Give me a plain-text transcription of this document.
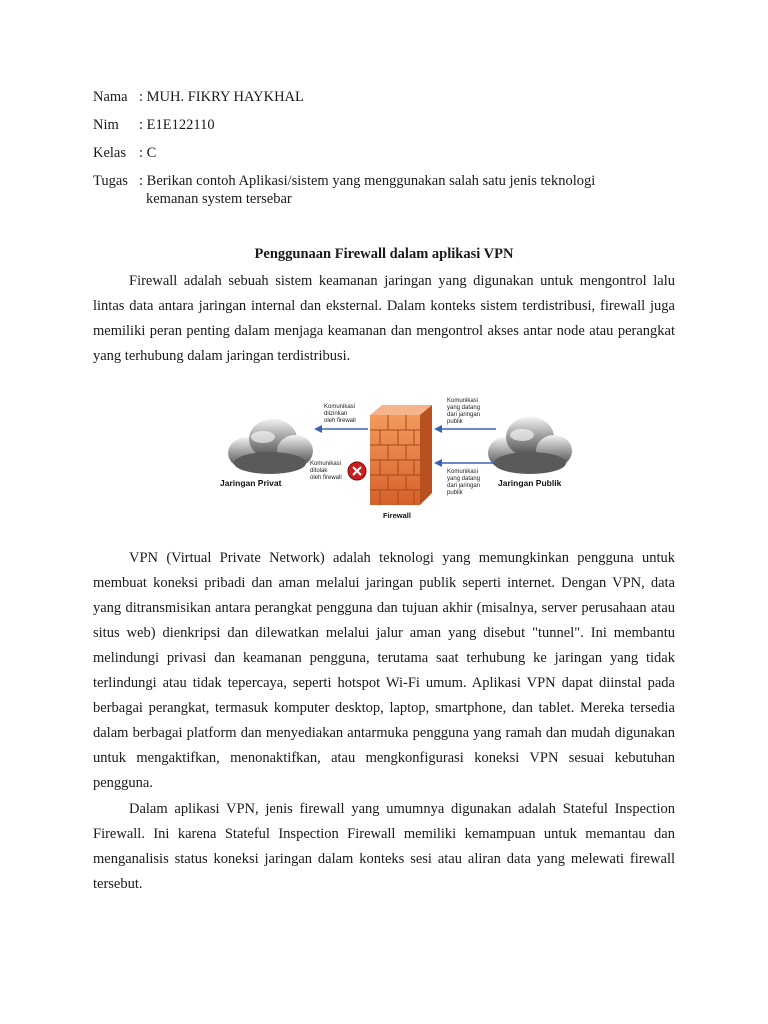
Nama : MUH. FIKRY HAYKHAL
Nim : E1E122110
Kelas : C
Tugas : Berikan contoh Aplikasi/sistem yang menggunakan salah satu jenis teknologi
kemanan system tersebar
Penggunaan Firewall dalam aplikasi VPN

Firewall adalah sebuah sistem keamanan jaringan yang digunakan untuk mengontrol lalu lintas data antara jaringan internal dan eksternal. Dalam konteks sistem terdistribusi, firewall juga memiliki peran penting dalam menjaga keamanan dan mengontrol akses antar node atau perangkat yang terhubung dalam jaringan terdistribusi.

Komunikasi
diizinkan
oleh firewall
Komunikasi
ditolak
oleh firewall
Komunikasi
yang datang
dari jaringan
publik
Komunikasi
yang datang
dari jaringan
publik
Jaringan Privat	Jaringan Publik
Firewall

VPN (Virtual Private Network) adalah teknologi yang memungkinkan pengguna untuk membuat koneksi pribadi dan aman melalui jaringan publik seperti internet. Dengan VPN, data yang ditransmisikan antara perangkat pengguna dan tujuan akhir (misalnya, server perusahaan atau situs web) dienkripsi dan dilewatkan melalui jalur aman yang disebut "tunnel". Ini membantu melindungi privasi dan keamanan pengguna, terutama saat terhubung ke jaringan yang tidak terlindungi atau tidak tepercaya, seperti hotspot Wi-Fi umum. Aplikasi VPN dapat diinstal pada berbagai perangkat, termasuk komputer desktop, laptop, smartphone, dan tablet. Mereka tersedia dalam berbagai platform dan menyediakan antarmuka pengguna yang ramah dan mudah digunakan untuk mengaktifkan, menonaktifkan, atau mengkonfigurasi koneksi VPN sesuai kebutuhan pengguna.

Dalam aplikasi VPN, jenis firewall yang umumnya digunakan adalah Stateful Inspection Firewall. Ini karena Stateful Inspection Firewall memiliki kemampuan untuk memantau dan menganalisis status koneksi jaringan dalam konteks sesi atau aliran data yang melewati firewall tersebut.
